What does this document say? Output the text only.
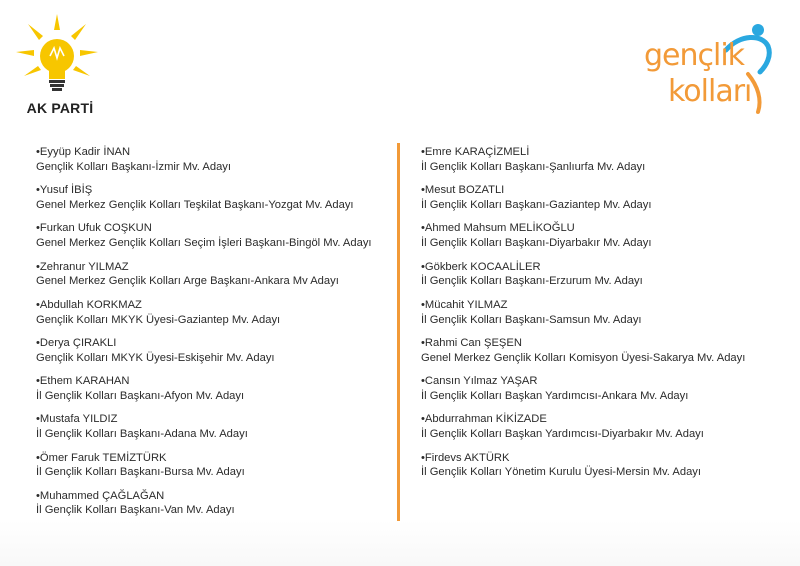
AK PARTİ
gençlik
kolları
•Eyyüp Kadir İNAN
Gençlik Kolları Başkanı-İzmir Mv. Adayı
•Yusuf İBİŞ
Genel Merkez Gençlik Kolları Teşkilat Başkanı-Yozgat Mv. Adayı
•Furkan Ufuk COŞKUN
Genel Merkez Gençlik Kolları Seçim İşleri Başkanı-Bingöl Mv. Adayı
•Zehranur YILMAZ
Genel Merkez Gençlik Kolları Arge Başkanı-Ankara Mv Adayı
•Abdullah KORKMAZ
Gençlik Kolları MKYK Üyesi-Gaziantep Mv. Adayı
•Derya ÇIRAKLI
Gençlik Kolları MKYK Üyesi-Eskişehir Mv. Adayı
•Ethem KARAHAN
İl Gençlik Kolları Başkanı-Afyon Mv. Adayı
•Mustafa YILDIZ
İl Gençlik Kolları Başkanı-Adana Mv. Adayı
•Ömer Faruk TEMİZTÜRK
İl Gençlik Kolları Başkanı-Bursa Mv. Adayı
•Muhammed ÇAĞLAĞAN
İl Gençlik Kolları Başkanı-Van Mv. Adayı
•Emre KARAÇİZMELİ
İl Gençlik Kolları Başkanı-Şanlıurfa Mv. Adayı
•Mesut BOZATLI
İl Gençlik Kolları Başkanı-Gaziantep Mv. Adayı
•Ahmed Mahsum MELİKOĞLU
İl Gençlik Kolları Başkanı-Diyarbakır Mv. Adayı
•Gökberk KOCAALİLER
İl Gençlik Kolları Başkanı-Erzurum Mv. Adayı
•Mücahit YILMAZ
İl Gençlik Kolları Başkanı-Samsun Mv. Adayı
•Rahmi Can ŞEŞEN
Genel Merkez Gençlik Kolları Komisyon Üyesi-Sakarya Mv. Adayı
•Cansın Yılmaz YAŞAR
İl Gençlik Kolları Başkan Yardımcısı-Ankara Mv. Adayı
•Abdurrahman KİKİZADE
İl Gençlik Kolları Başkan Yardımcısı-Diyarbakır Mv. Adayı
•Firdevs AKTÜRK
İl Gençlik Kolları Yönetim Kurulu Üyesi-Mersin Mv. Adayı
